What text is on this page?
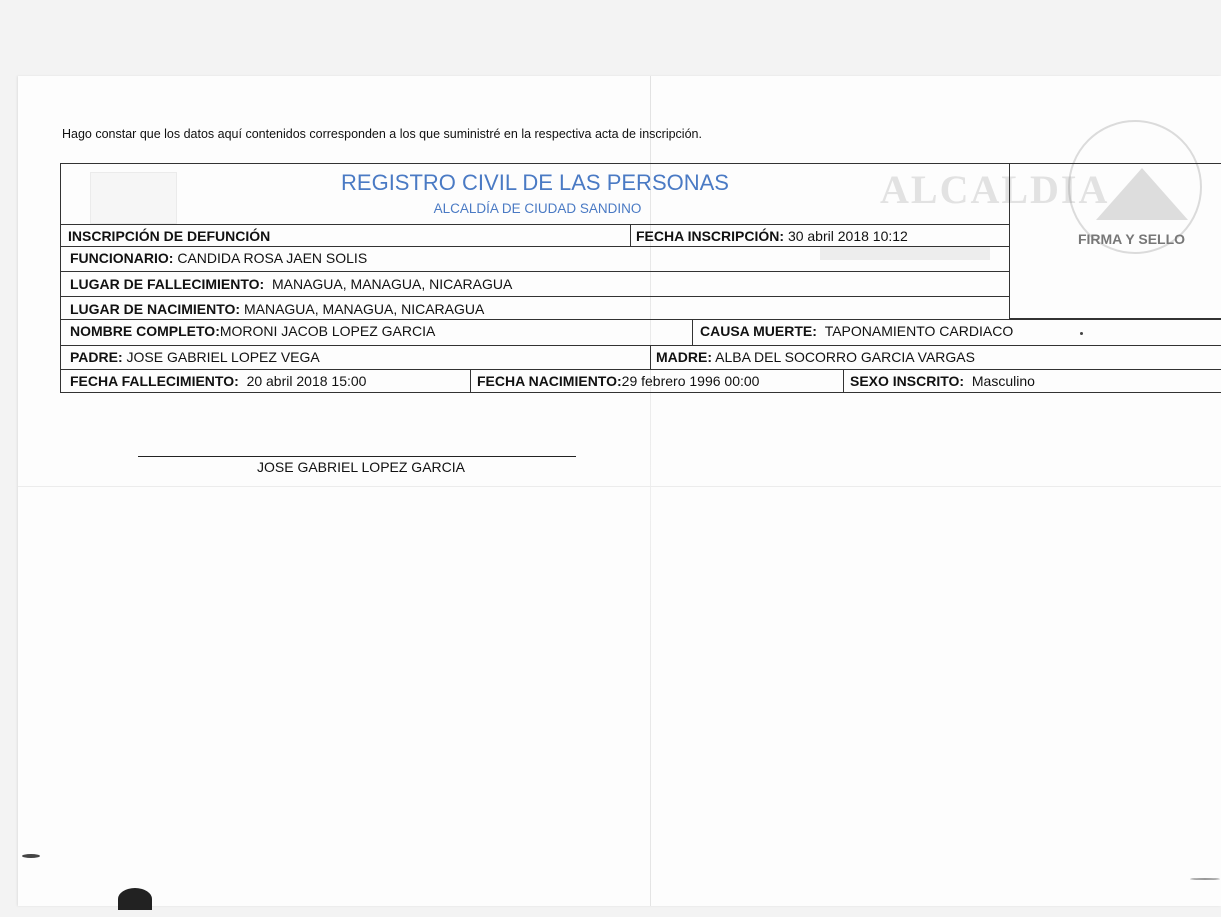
Hago constar que los datos aquí contenidos corresponden a los que suministré en la respectiva acta de inscripción.
ALCALDIA
FIRMA Y SELLO
REGISTRO CIVIL DE LAS PERSONAS
ALCALDÍA DE CIUDAD SANDINO
INSCRIPCIÓN DE DEFUNCIÓN	FECHA INSCRIPCIÓN: 30 abril 2018 10:12
FUNCIONARIO: CANDIDA ROSA JAEN SOLIS
LUGAR DE FALLECIMIENTO: MANAGUA, MANAGUA, NICARAGUA
LUGAR DE NACIMIENTO: MANAGUA, MANAGUA, NICARAGUA
NOMBRE COMPLETO:MORONI JACOB LOPEZ GARCIA	CAUSA MUERTE: TAPONAMIENTO CARDIACO
PADRE: JOSE GABRIEL LOPEZ VEGA	MADRE: ALBA DEL SOCORRO GARCIA VARGAS
FECHA FALLECIMIENTO: 20 abril 2018 15:00	FECHA NACIMIENTO:29 febrero 1996 00:00	SEXO INSCRITO: Masculino
JOSE GABRIEL LOPEZ GARCIA
